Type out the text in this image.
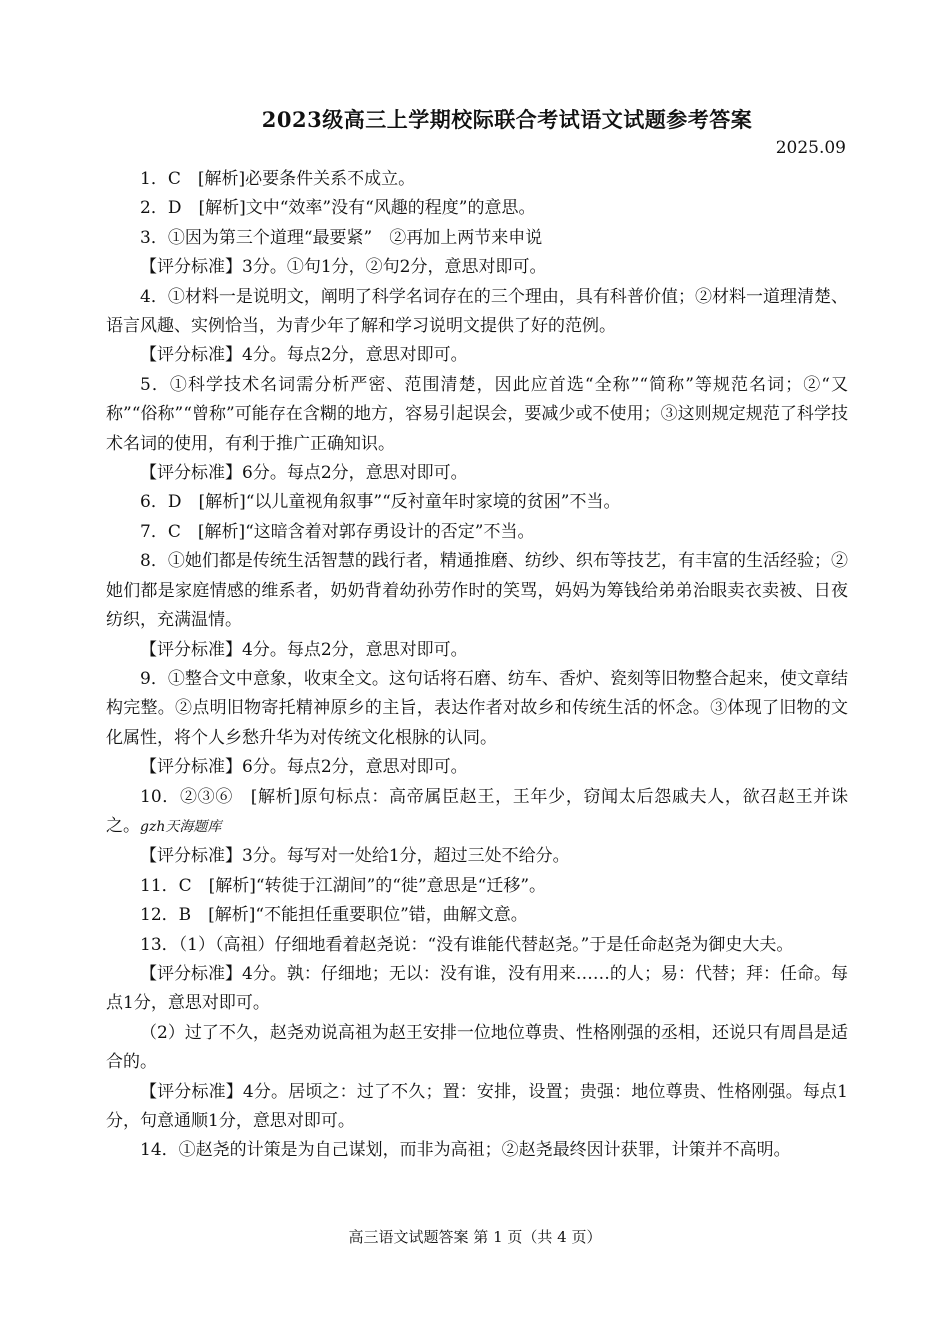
2023级高三上学期校际联合考试语文试题参考答案
2025.09

1．C　[解析]必要条件关系不成立。

2．D　[解析]文中“效率”没有“风趣的程度”的意思。

3．①因为第三个道理“最要紧”　②再加上两节来申说

【评分标准】3分。①句1分，②句2分，意思对即可。

4．①材料一是说明文，阐明了科学名词存在的三个理由，具有科普价值；②材料一道理清楚、语言风趣、实例恰当，为青少年了解和学习说明文提供了好的范例。

【评分标准】4分。每点2分，意思对即可。

5．①科学技术名词需分析严密、范围清楚，因此应首选“全称”“简称”等规范名词；②“又称”“俗称”“曾称”可能存在含糊的地方，容易引起误会，要减少或不使用；③这则规定规范了科学技术名词的使用，有利于推广正确知识。

【评分标准】6分。每点2分，意思对即可。

6．D　[解析]“以儿童视角叙事”“反衬童年时家境的贫困”不当。

7．C　[解析]“这暗含着对郭存勇设计的否定”不当。

8．①她们都是传统生活智慧的践行者，精通推磨、纺纱、织布等技艺，有丰富的生活经验；②她们都是家庭情感的维系者，奶奶背着幼孙劳作时的笑骂，妈妈为筹钱给弟弟治眼卖衣卖被、日夜纺织，充满温情。

【评分标准】4分。每点2分，意思对即可。

9．①整合文中意象，收束全文。这句话将石磨、纺车、香炉、瓷刻等旧物整合起来，使文章结构完整。②点明旧物寄托精神原乡的主旨，表达作者对故乡和传统生活的怀念。③体现了旧物的文化属性，将个人乡愁升华为对传统文化根脉的认同。

【评分标准】6分。每点2分，意思对即可。

10．②③⑥　[解析]原句标点：高帝属臣赵王，王年少，窃闻太后怨戚夫人，欲召赵王并诛之。gzh天海题库

【评分标准】3分。每写对一处给1分，超过三处不给分。

11．C　[解析]“转徙于江湖间”的“徙”意思是“迁移”。

12．B　[解析]“不能担任重要职位”错，曲解文意。

13．（1）（高祖）仔细地看着赵尧说：“没有谁能代替赵尧。”于是任命赵尧为御史大夫。

【评分标准】4分。孰：仔细地；无以：没有谁，没有用来……的人；易：代替；拜：任命。每点1分，意思对即可。

（2）过了不久，赵尧劝说高祖为赵王安排一位地位尊贵、性格刚强的丞相，还说只有周昌是适合的。

【评分标准】4分。居顷之：过了不久；置：安排，设置；贵强：地位尊贵、性格刚强。每点1分，句意通顺1分，意思对即可。

14．①赵尧的计策是为自己谋划，而非为高祖；②赵尧最终因计获罪，计策并不高明。

高三语文试题答案 第 1 页（共 4 页）
